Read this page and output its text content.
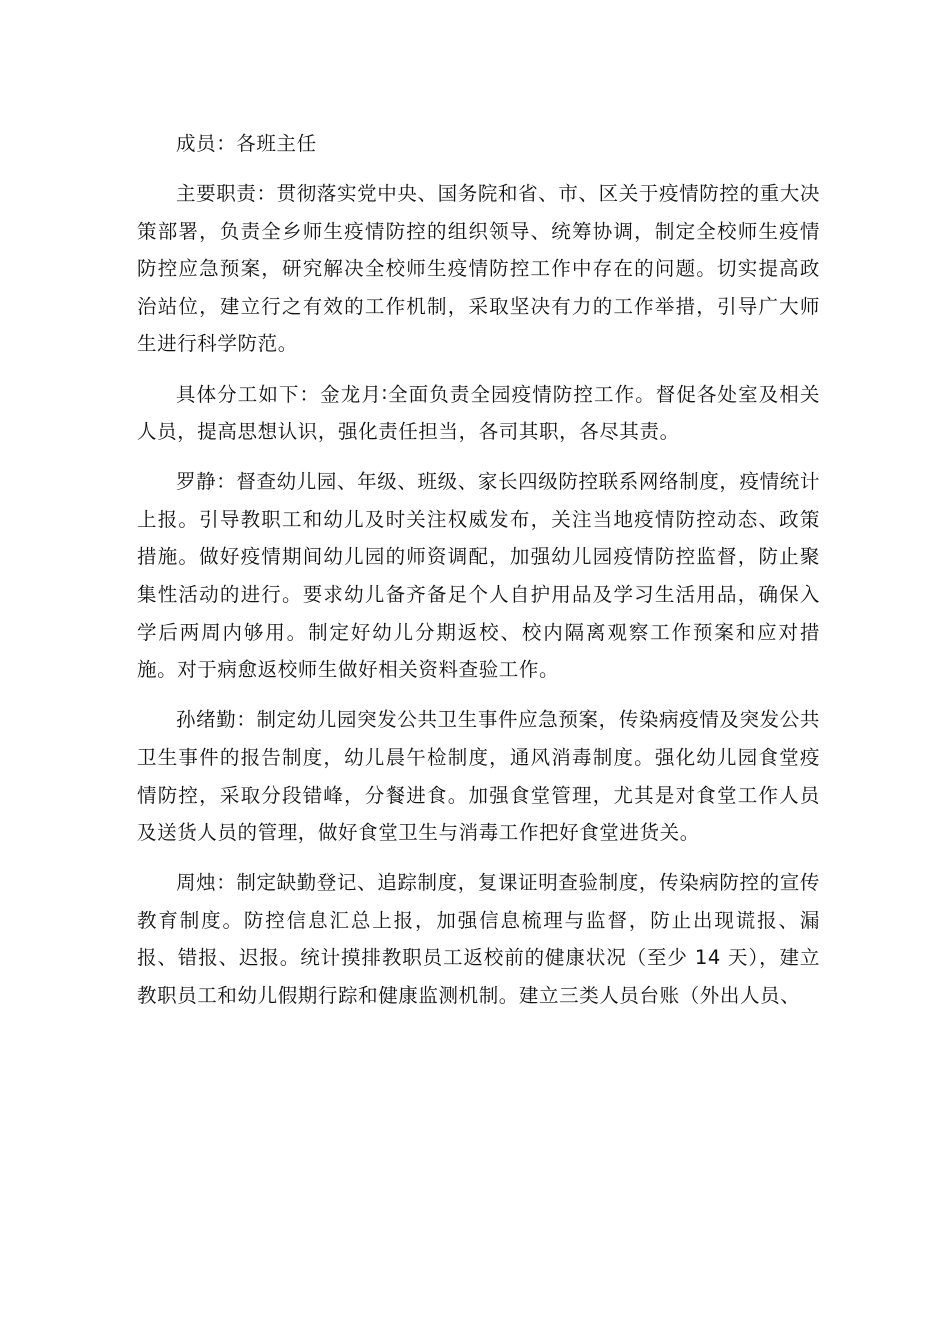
成员：各班主任

主要职责：贯彻落实党中央、国务院和省、市、区关于疫情防控的重大决策部署，负责全乡师生疫情防控的组织领导、统筹协调，制定全校师生疫情防控应急预案，研究解决全校师生疫情防控工作中存在的问题。切实提高政治站位，建立行之有效的工作机制，采取坚决有力的工作举措，引导广大师生进行科学防范。

具体分工如下：金龙月∶全面负责全园疫情防控工作。督促各处室及相关人员，提高思想认识，强化责任担当，各司其职，各尽其责。

罗静：督查幼儿园、年级、班级、家长四级防控联系网络制度，疫情统计上报。引导教职工和幼儿及时关注权威发布，关注当地疫情防控动态、政策措施。做好疫情期间幼儿园的师资调配，加强幼儿园疫情防控监督，防止聚集性活动的进行。要求幼儿备齐备足个人自护用品及学习生活用品，确保入学后两周内够用。制定好幼儿分期返校、校内隔离观察工作预案和应对措施。对于病愈返校师生做好相关资料查验工作。

孙绪勤：制定幼儿园突发公共卫生事件应急预案，传染病疫情及突发公共卫生事件的报告制度，幼儿晨午检制度，通风消毒制度。强化幼儿园食堂疫情防控，采取分段错峰，分餐进食。加强食堂管理，尤其是对食堂工作人员及送货人员的管理，做好食堂卫生与消毒工作把好食堂进货关。

周烛：制定缺勤登记、追踪制度，复课证明查验制度，传染病防控的宣传教育制度。防控信息汇总上报，加强信息梳理与监督，防止出现谎报、漏报、错报、迟报。统计摸排教职员工返校前的健康状况（至少 14 天），建立教职员工和幼儿假期行踪和健康监测机制。建立三类人员台账（外出人员、
